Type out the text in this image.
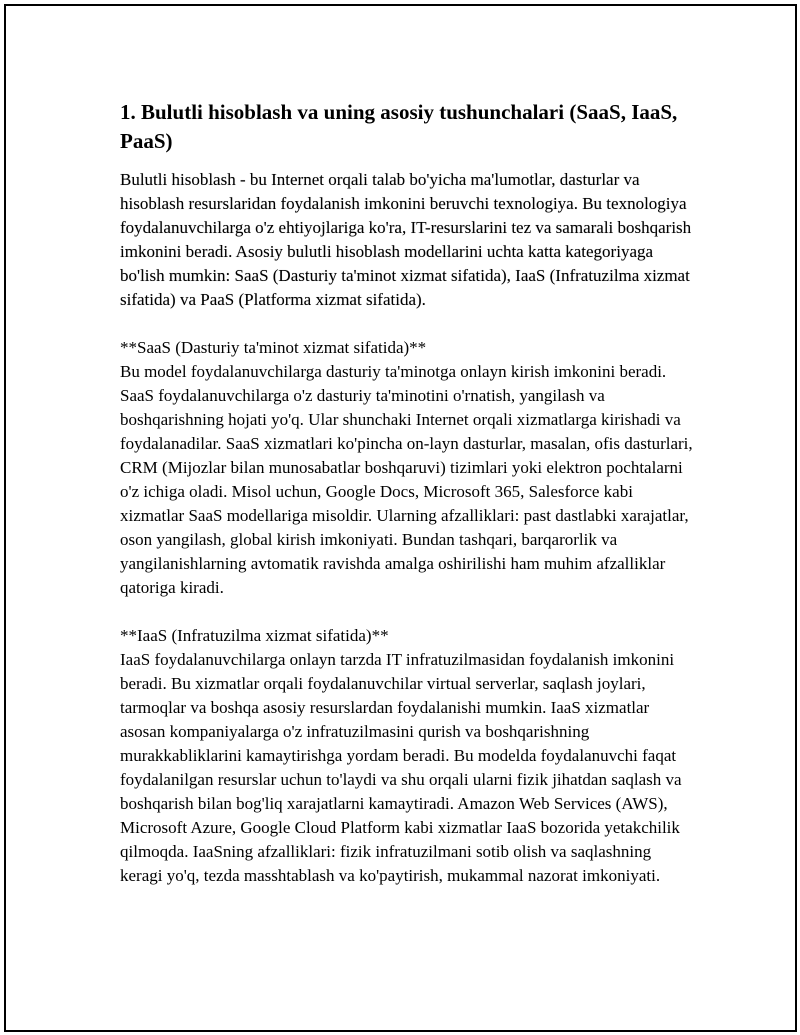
1. Bulutli hisoblash va uning asosiy tushunchalari (SaaS, IaaS, PaaS)

Bulutli hisoblash - bu Internet orqali talab bo'yicha ma'lumotlar, dasturlar va hisoblash resurslaridan foydalanish imkonini beruvchi texnologiya. Bu texnologiya foydalanuvchilarga o'z ehtiyojlariga ko'ra, IT-resurslarini tez va samarali boshqarish imkonini beradi. Asosiy bulutli hisoblash modellarini uchta katta kategoriyaga bo'lish mumkin: SaaS (Dasturiy ta'minot xizmat sifatida), IaaS (Infratuzilma xizmat sifatida) va PaaS (Platforma xizmat sifatida).

**SaaS (Dasturiy ta'minot xizmat sifatida)**

Bu model foydalanuvchilarga dasturiy ta'minotga onlayn kirish imkonini beradi. SaaS foydalanuvchilarga o'z dasturiy ta'minotini o'rnatish, yangilash va boshqarishning hojati yo'q. Ular shunchaki Internet orqali xizmatlarga kirishadi va foydalanadilar. SaaS xizmatlari ko'pincha on-layn dasturlar, masalan, ofis dasturlari, CRM (Mijozlar bilan munosabatlar boshqaruvi) tizimlari yoki elektron pochtalarni o'z ichiga oladi. Misol uchun, Google Docs, Microsoft 365, Salesforce kabi xizmatlar SaaS modellariga misoldir. Ularning afzalliklari: past dastlabki xarajatlar, oson yangilash, global kirish imkoniyati. Bundan tashqari, barqarorlik va yangilanishlarning avtomatik ravishda amalga oshirilishi ham muhim afzalliklar qatoriga kiradi.

**IaaS (Infratuzilma xizmat sifatida)**

IaaS foydalanuvchilarga onlayn tarzda IT infratuzilmasidan foydalanish imkonini beradi. Bu xizmatlar orqali foydalanuvchilar virtual serverlar, saqlash joylari, tarmoqlar va boshqa asosiy resurslardan foydalanishi mumkin. IaaS xizmatlar asosan kompaniyalarga o'z infratuzilmasini qurish va boshqarishning murakkabliklarini kamaytirishga yordam beradi. Bu modelda foydalanuvchi faqat foydalanilgan resurslar uchun to'laydi va shu orqali ularni fizik jihatdan saqlash va boshqarish bilan bog'liq xarajatlarni kamaytiradi. Amazon Web Services (AWS), Microsoft Azure, Google Cloud Platform kabi xizmatlar IaaS bozorida yetakchilik qilmoqda. IaaSning afzalliklari: fizik infratuzilmani sotib olish va saqlashning keragi yo'q, tezda masshtablash va ko'paytirish, mukammal nazorat imkoniyati.
